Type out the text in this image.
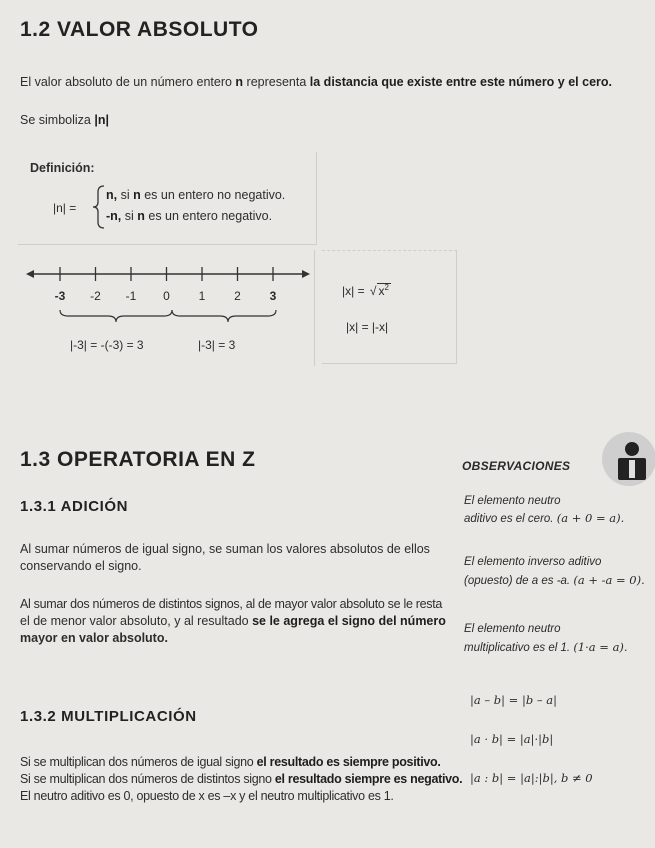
1.2 VALOR ABSOLUTO
El valor absoluto de un número entero n representa la distancia que existe entre este número y el cero.
Se simboliza |n|
Definición:
|n| =
n, si n es un entero no negativo.
-n, si n es un entero negativo.
-3 -2 -1 0 1 2 3
|-3| = -(-3) = 3	|-3| = 3
|x| = √ $x^2$
|x| = |-x|
1.3 OPERATORIA EN Z
1.3.1 ADICIÓN
Al sumar números de igual signo, se suman los valores absolutos de ellos
conservando el signo.
Al sumar dos números de distintos signos, al de mayor valor absoluto se le resta
el de menor valor absoluto, y al resultado se le agrega el signo del número
mayor en valor absoluto.
1.3.2 MULTIPLICACIÓN
Si se multiplican dos números de igual signo el resultado es siempre positivo.
Si se multiplican dos números de distintos signo el resultado siempre es negativo.
El neutro aditivo es 0, opuesto de x es –x y el neutro multiplicativo es 1.
OBSERVACIONES
El elemento neutro
aditivo es el cero. (a + 0 = a).
El elemento inverso aditivo
(opuesto) de a es -a. (a + -a = 0).
El elemento neutro
multiplicativo es el 1. (1·a = a).
|a – b| = |b – a|
|a · b| = |a|·|b|
|a : b| = |a|:|b|, b ≠ 0
